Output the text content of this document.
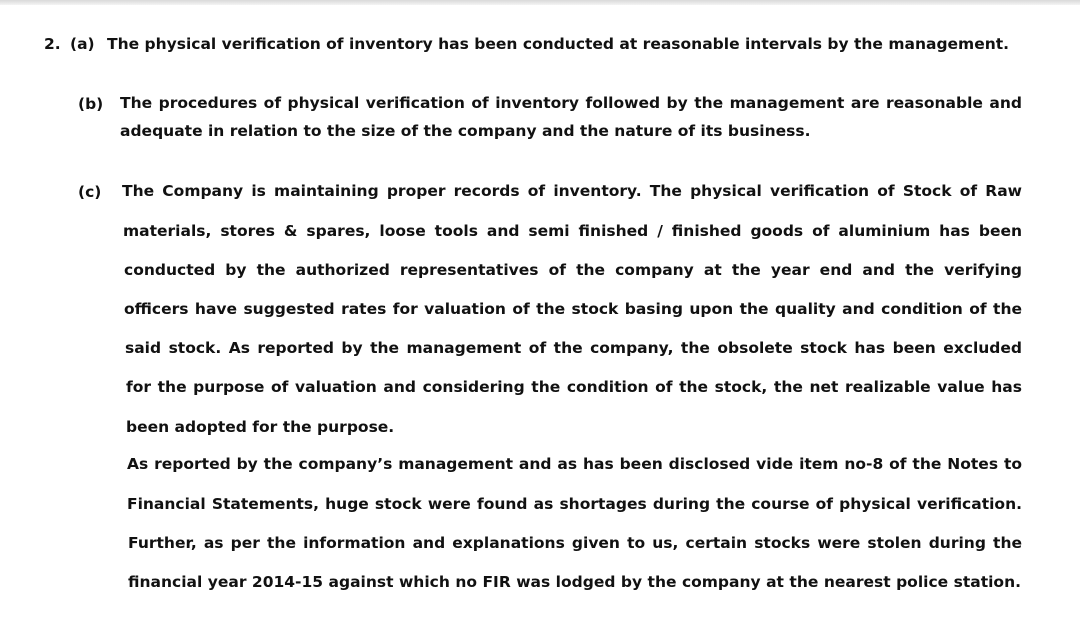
2. (a) The physical verification of inventory has been conducted at reasonable intervals by the management.
(b) The procedures of physical verification of inventory followed by the management are reasonable and
adequate in relation to the size of the company and the nature of its business.
(c) The Company is maintaining proper records of inventory. The physical verification of Stock of Raw
materials, stores & spares, loose tools and semi finished / finished goods of aluminium has been
conducted by the authorized representatives of the company at the year end and the verifying
officers have suggested rates for valuation of the stock basing upon the quality and condition of the
said stock. As reported by the management of the company, the obsolete stock has been excluded
for the purpose of valuation and considering the condition of the stock, the net realizable value has
been adopted for the purpose.
As reported by the company’s management and as has been disclosed vide item no-8 of the Notes to
Financial Statements, huge stock were found as shortages during the course of physical verification.
Further, as per the information and explanations given to us, certain stocks were stolen during the
financial year 2014-15 against which no FIR was lodged by the company at the nearest police station.
